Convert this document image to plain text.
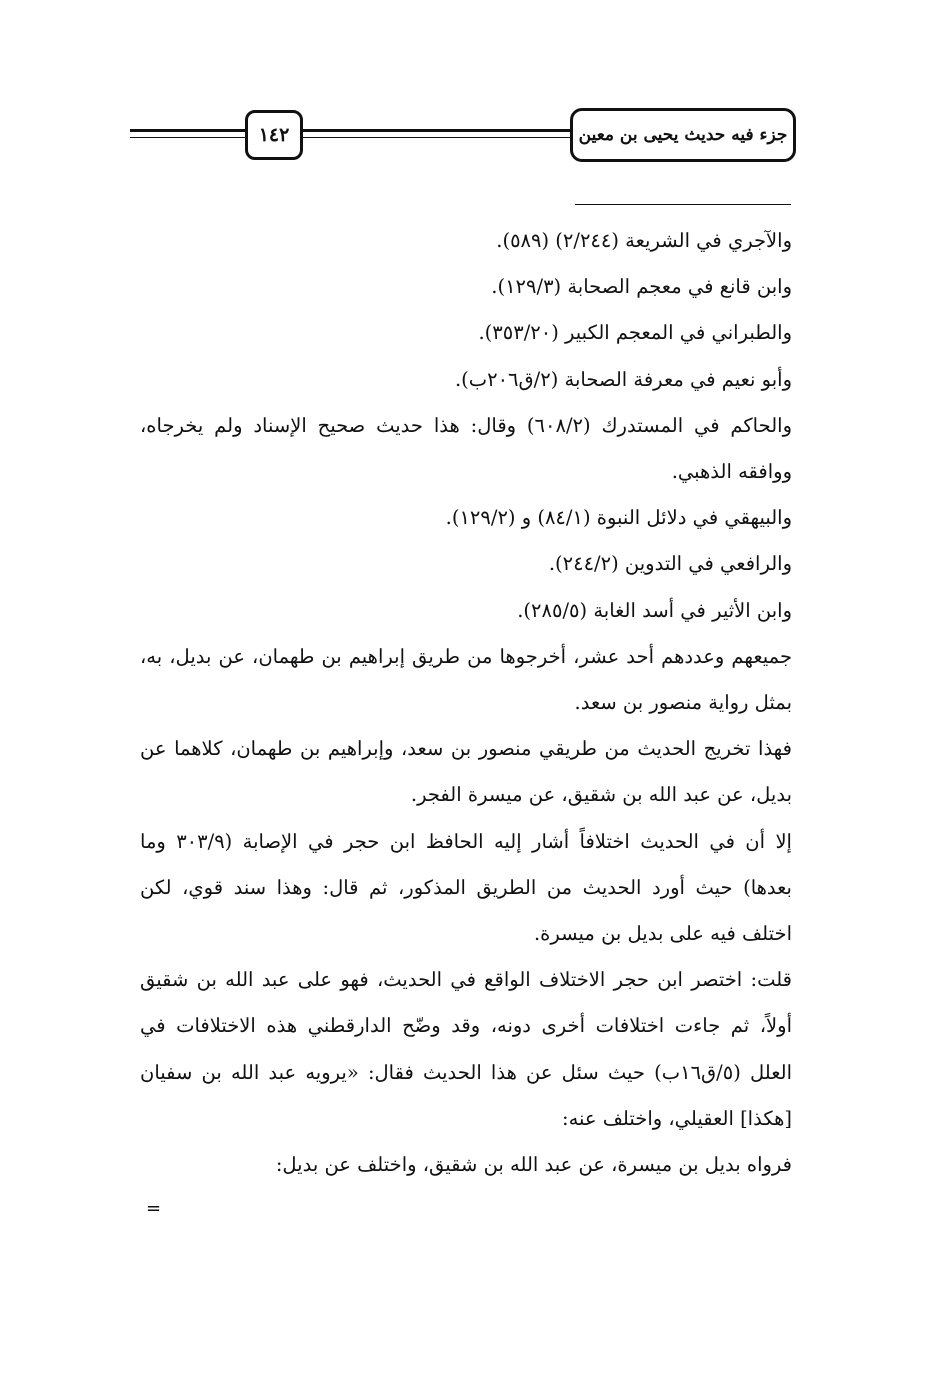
١٤٢	جزء فيه حديث يحيى بن معين

والآجري في الشريعة (٢/٢٤٤) (٥٨٩).

وابن قانع في معجم الصحابة (١٢٩/٣).

والطبراني في المعجم الكبير (٣٥٣/٢٠).

وأبو نعيم في معرفة الصحابة (٢/ق٢٠٦ب).

والحاكم في المستدرك (٦٠٨/٢) وقال: هذا حديث صحيح الإسناد ولم يخرجاه، ووافقه الذهبي.

والبيهقي في دلائل النبوة (٨٤/١) و (١٢٩/٢).

والرافعي في التدوين (٢٤٤/٢).

وابن الأثير في أسد الغابة (٢٨٥/٥).

جميعهم وعددهم أحد عشر، أخرجوها من طريق إبراهيم بن طهمان، عن بديل، به، بمثل رواية منصور بن سعد.

فهذا تخريج الحديث من طريقي منصور بن سعد، وإبراهيم بن طهمان، كلاهما عن بديل، عن عبد الله بن شقيق، عن ميسرة الفجر.

إلا أن في الحديث اختلافاً أشار إليه الحافظ ابن حجر في الإصابة (٣٠٣/٩ وما بعدها) حيث أورد الحديث من الطريق المذكور، ثم قال: وهذا سند قوي، لكن اختلف فيه على بديل بن ميسرة.

قلت: اختصر ابن حجر الاختلاف الواقع في الحديث، فهو على عبد الله بن شقيق أولاً، ثم جاءت اختلافات أخرى دونه، وقد وضّح الدارقطني هذه الاختلافات في العلل (٥/ق١٦ب) حيث سئل عن هذا الحديث فقال: «يرويه عبد الله بن سفيان [هكذا] العقيلي، واختلف عنه:

فرواه بديل بن ميسرة، عن عبد الله بن شقيق، واختلف عن بديل:

=
